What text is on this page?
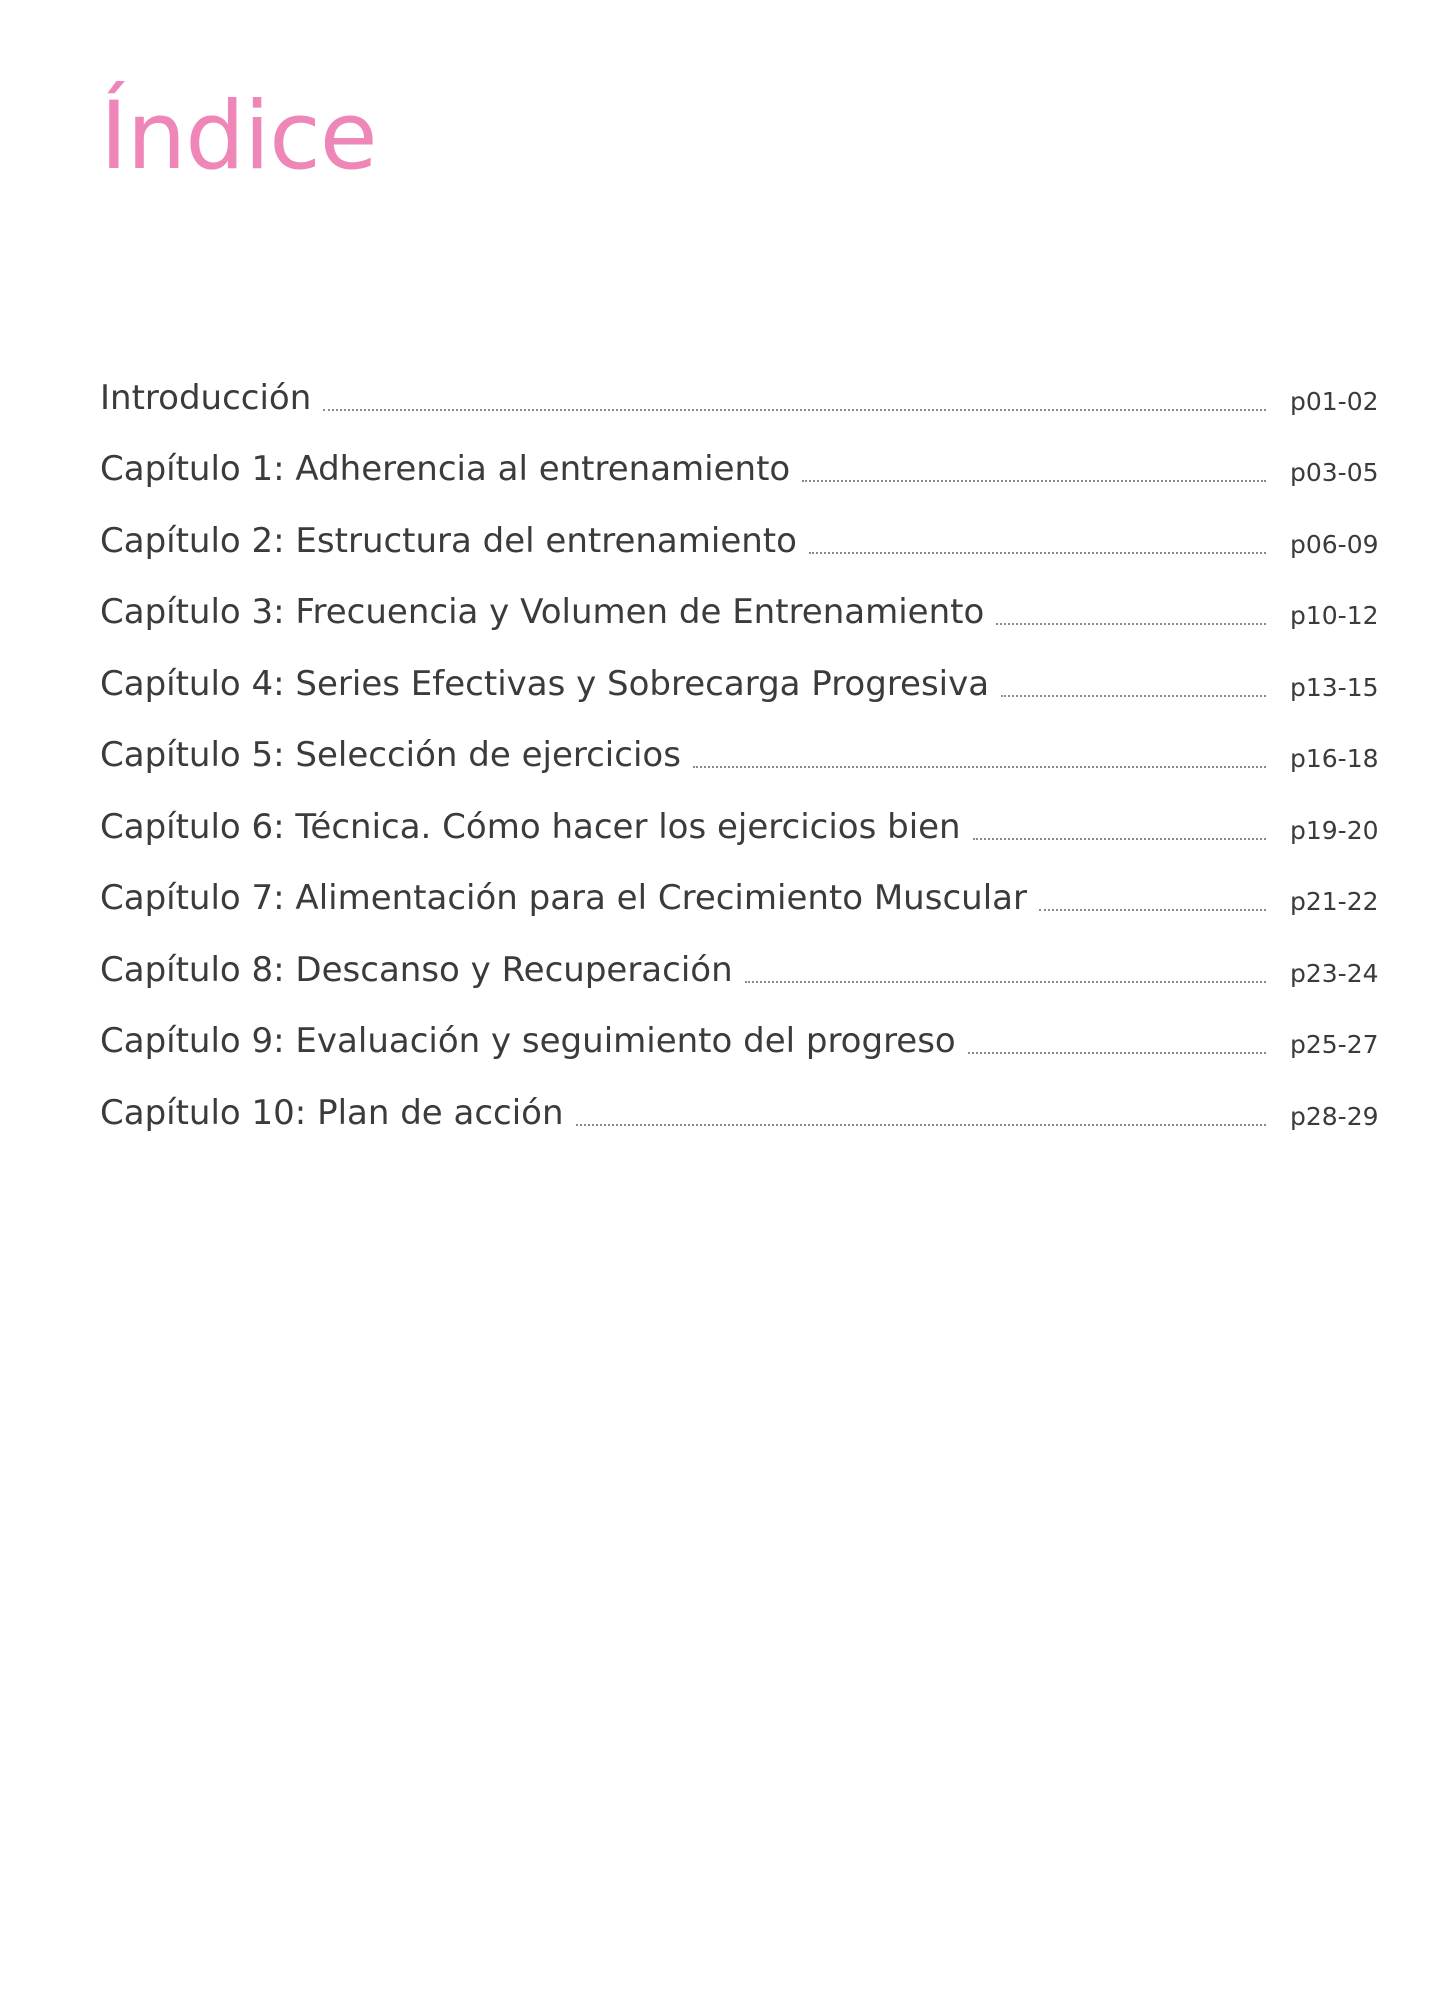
Índice
Introducción	p01-02
Capítulo 1: Adherencia al entrenamiento	p03-05
Capítulo 2: Estructura del entrenamiento	p06-09
Capítulo 3: Frecuencia y Volumen de Entrenamiento	p10-12
Capítulo 4: Series Efectivas y Sobrecarga Progresiva	p13-15
Capítulo 5: Selección de ejercicios	p16-18
Capítulo 6: Técnica. Cómo hacer los ejercicios bien	p19-20
Capítulo 7: Alimentación para el Crecimiento Muscular	p21-22
Capítulo 8: Descanso y Recuperación	p23-24
Capítulo 9: Evaluación y seguimiento del progreso	p25-27
Capítulo 10: Plan de acción	p28-29
